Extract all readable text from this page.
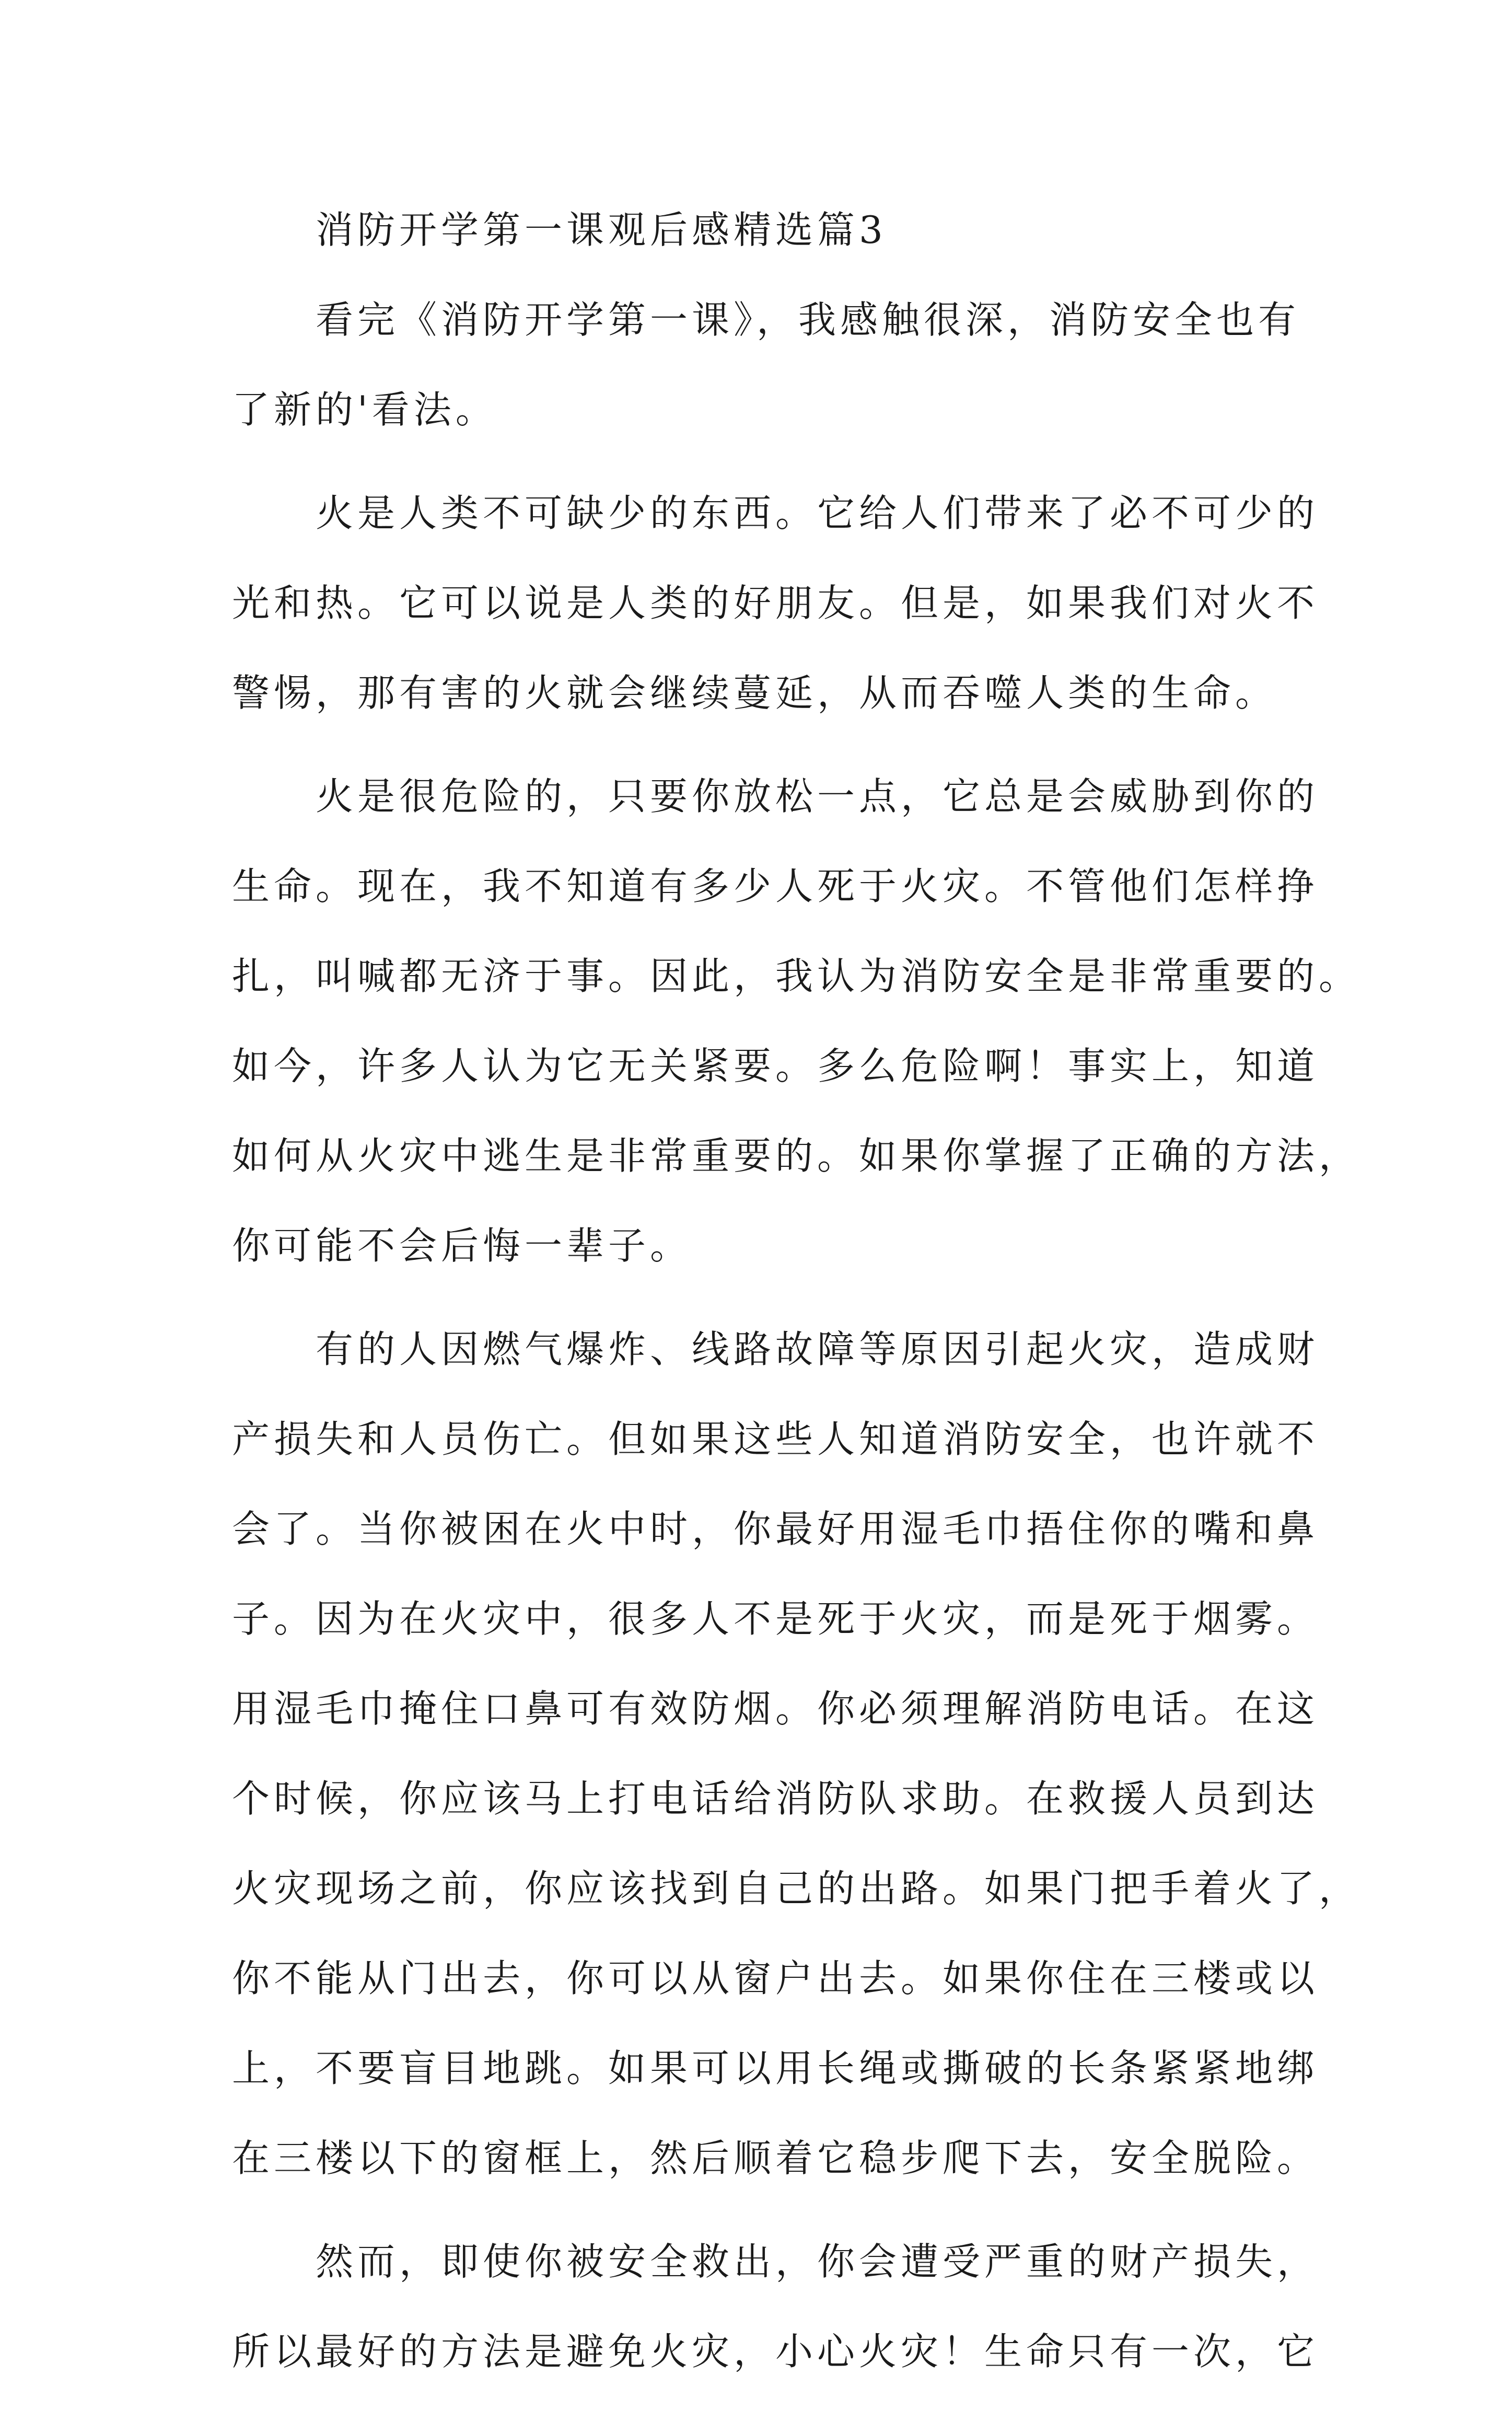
　　消防开学第一课观后感精选篇3
　　看完《消防开学第一课》，我感触很深，消防安全也有
了新的'看法。
　　火是人类不可缺少的东西。它给人们带来了必不可少的
光和热。它可以说是人类的好朋友。但是，如果我们对火不
警惕，那有害的火就会继续蔓延，从而吞噬人类的生命。
　　火是很危险的，只要你放松一点，它总是会威胁到你的
生命。现在，我不知道有多少人死于火灾。不管他们怎样挣
扎，叫喊都无济于事。因此，我认为消防安全是非常重要的。
如今，许多人认为它无关紧要。多么危险啊！事实上，知道
如何从火灾中逃生是非常重要的。如果你掌握了正确的方法，
你可能不会后悔一辈子。
　　有的人因燃气爆炸、线路故障等原因引起火灾，造成财
产损失和人员伤亡。但如果这些人知道消防安全，也许就不
会了。当你被困在火中时，你最好用湿毛巾捂住你的嘴和鼻
子。因为在火灾中，很多人不是死于火灾，而是死于烟雾。
用湿毛巾掩住口鼻可有效防烟。你必须理解消防电话。在这
个时候，你应该马上打电话给消防队求助。在救援人员到达
火灾现场之前，你应该找到自己的出路。如果门把手着火了，
你不能从门出去，你可以从窗户出去。如果你住在三楼或以
上，不要盲目地跳。如果可以用长绳或撕破的长条紧紧地绑
在三楼以下的窗框上，然后顺着它稳步爬下去，安全脱险。
　　然而，即使你被安全救出，你会遭受严重的财产损失，
所以最好的方法是避免火灾，小心火灾！生命只有一次，它
